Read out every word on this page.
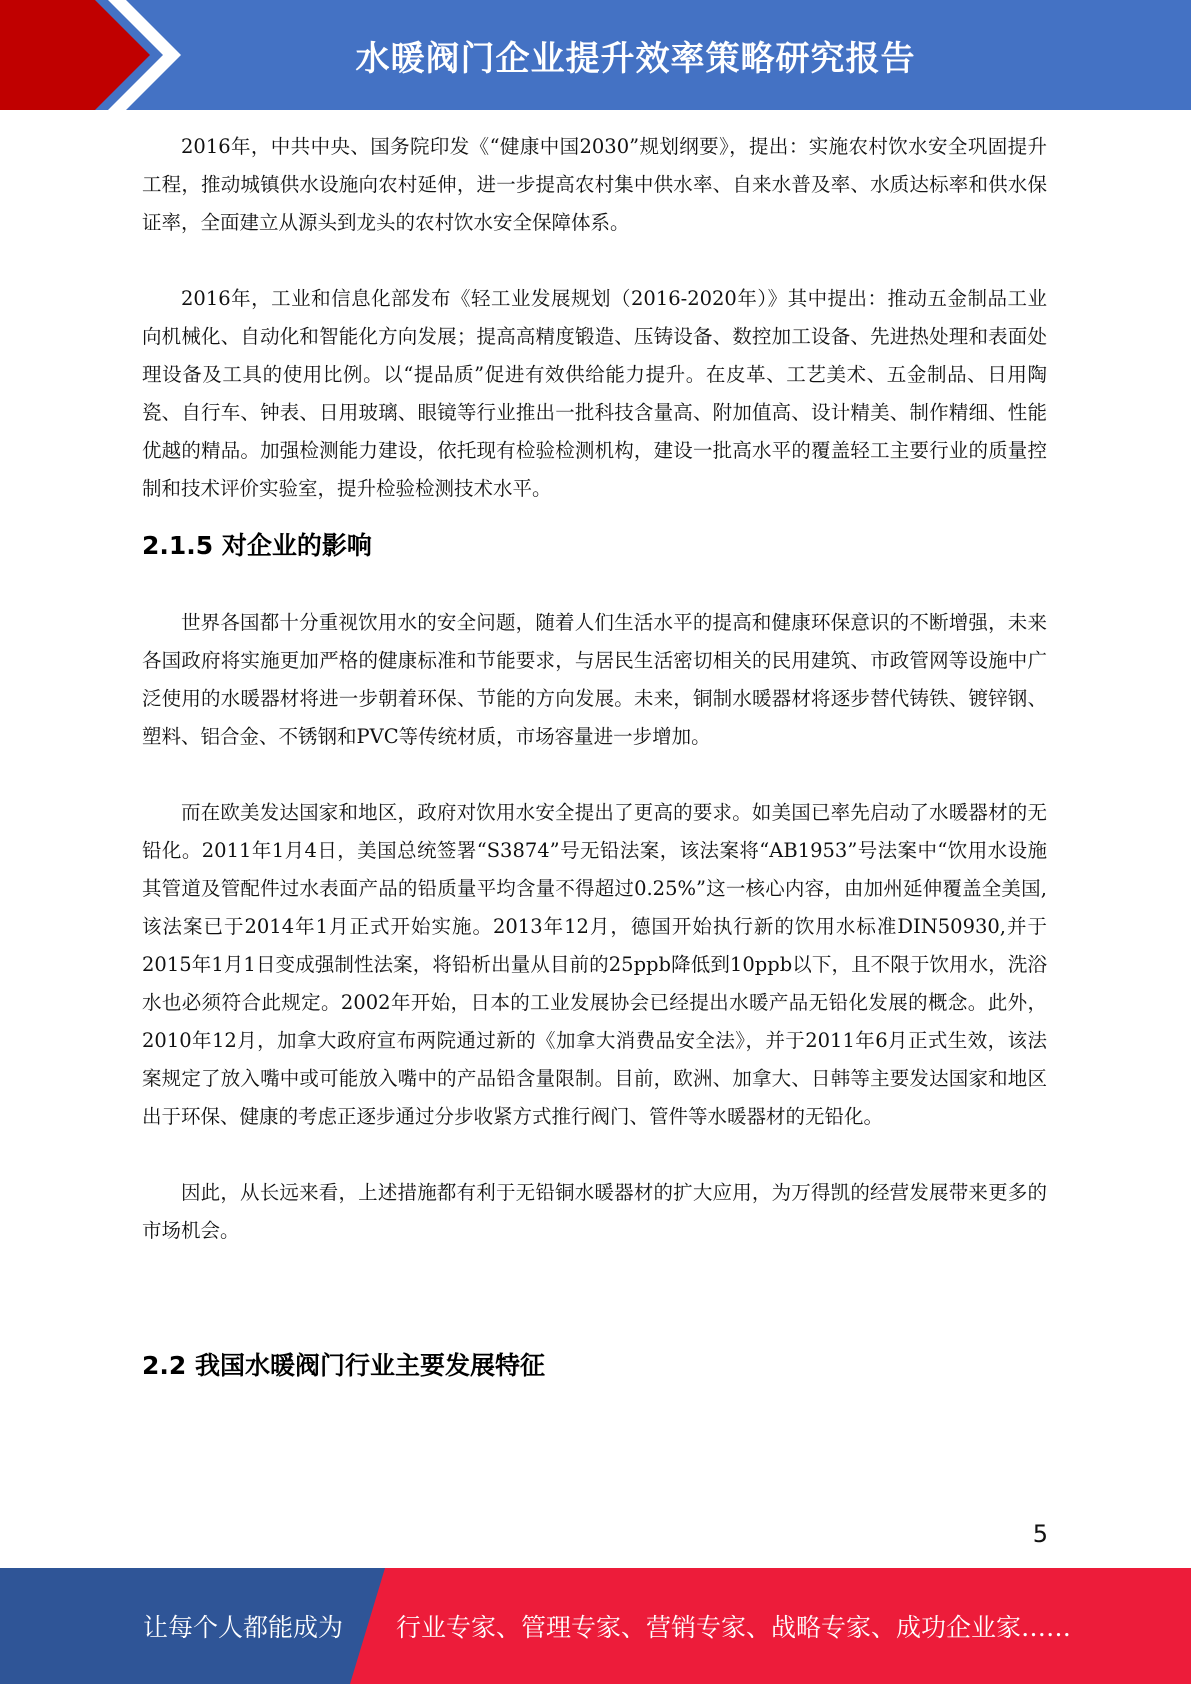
水暖阀门企业提升效率策略研究报告

2016年，中共中央、国务院印发《“健康中国2030”规划纲要》，提出：实施农村饮水安全巩固提升工程，推动城镇供水设施向农村延伸，进一步提高农村集中供水率、自来水普及率、水质达标率和供水保证率，全面建立从源头到龙头的农村饮水安全保障体系。

2016年，工业和信息化部发布《轻工业发展规划（2016-2020年）》其中提出：推动五金制品工业向机械化、自动化和智能化方向发展；提高高精度锻造、压铸设备、数控加工设备、先进热处理和表面处理设备及工具的使用比例。以“提品质”促进有效供给能力提升。在皮革、工艺美术、五金制品、日用陶瓷、自行车、钟表、日用玻璃、眼镜等行业推出一批科技含量高、附加值高、设计精美、制作精细、性能优越的精品。加强检测能力建设，依托现有检验检测机构，建设一批高水平的覆盖轻工主要行业的质量控制和技术评价实验室，提升检验检测技术水平。

2.1.5 对企业的影响

世界各国都十分重视饮用水的安全问题，随着人们生活水平的提高和健康环保意识的不断增强，未来各国政府将实施更加严格的健康标准和节能要求，与居民生活密切相关的民用建筑、市政管网等设施中广泛使用的水暖器材将进一步朝着环保、节能的方向发展。未来，铜制水暖器材将逐步替代铸铁、镀锌钢、塑料、铝合金、不锈钢和PVC等传统材质，市场容量进一步增加。

而在欧美发达国家和地区，政府对饮用水安全提出了更高的要求。如美国已率先启动了水暖器材的无铅化。2011年1月4日，美国总统签署“S3874”号无铅法案，该法案将“AB1953”号法案中“饮用水设施其管道及管配件过水表面产品的铅质量平均含量不得超过0.25%”这一核心内容，由加州延伸覆盖全美国,该法案已于2014年1月正式开始实施。2013年12月，德国开始执行新的饮用水标准DIN50930,并于2015年1月1日变成强制性法案，将铅析出量从目前的25ppb降低到10ppb以下，且不限于饮用水，洗浴水也必须符合此规定。2002年开始，日本的工业发展协会已经提出水暖产品无铅化发展的概念。此外，2010年12月，加拿大政府宣布两院通过新的《加拿大消费品安全法》，并于2011年6月正式生效，该法案规定了放入嘴中或可能放入嘴中的产品铅含量限制。目前，欧洲、加拿大、日韩等主要发达国家和地区出于环保、健康的考虑正逐步通过分步收紧方式推行阀门、管件等水暖器材的无铅化。

因此，从长远来看，上述措施都有利于无铅铜水暖器材的扩大应用，为万得凯的经营发展带来更多的市场机会。

2.2 我国水暖阀门行业主要发展特征
5
让每个人都能成为 行业专家、管理专家、营销专家、战略专家、成功企业家……
